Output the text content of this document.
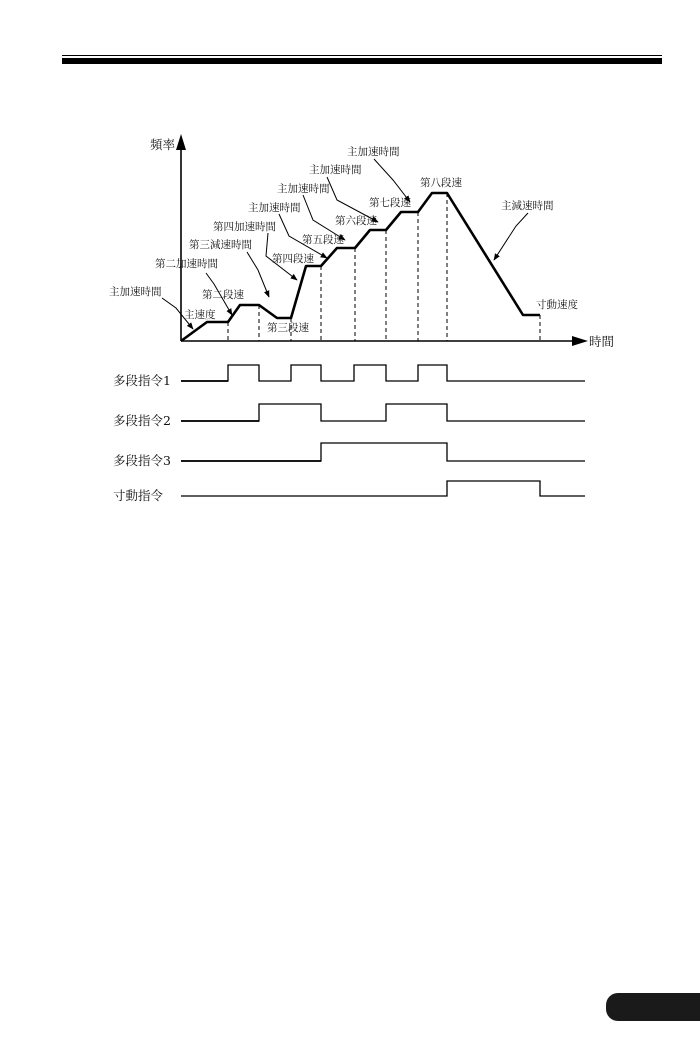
頻率
時間
主加速時間
主速度
第二加速時間
第二段速
第三減速時間
第三段速
第四加速時間
第四段速
主加速時間
第五段速
主加速時間
第六段速
主加速時間
第七段速
主加速時間
第八段速
主減速時間
寸動速度
多段指令1
多段指令2
多段指令3
寸動指令
